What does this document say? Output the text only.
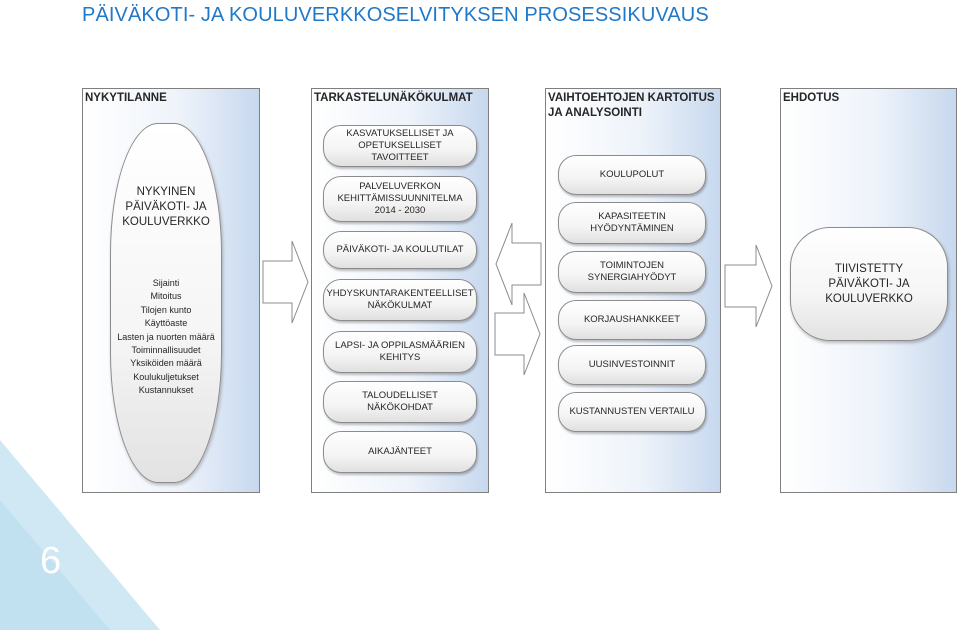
PÄIVÄKOTI- JA KOULUVERKKOSELVITYKSEN PROSESSIKUVAUS
6
NYKYTILANNE
NYKYINEN
PÄIVÄKOTI- JA
KOULUVERKKO
Sijainti
Mitoitus
Tilojen kunto
Käyttöaste
Lasten ja nuorten määrä
Toiminnallisuudet
Yksiköiden määrä
Koulukuljetukset
Kustannukset
TARKASTELUNÄKÖKULMAT
KASVATUKSELLISET JA
OPETUKSELLISET TAVOITTEET
PALVELUVERKON
KEHITTÄMISSUUNNITELMA
2014 - 2030
PÄIVÄKOTI- JA KOULUTILAT
YHDYSKUNTARAKENTEELLISET
NÄKÖKULMAT
LAPSI- JA OPPILASMÄÄRIEN
KEHITYS
TALOUDELLISET NÄKÖKOHDAT
AIKAJÄNTEET
VAIHTOEHTOJEN KARTOITUS
JA ANALYSOINTI
KOULUPOLUT
KAPASITEETIN
HYÖDYNTÄMINEN
TOIMINTOJEN
SYNERGIAHYÖDYT
KORJAUSHANKKEET
UUSINVESTOINNIT
KUSTANNUSTEN VERTAILU
EHDOTUS
TIIVISTETTY
PÄIVÄKOTI- JA
KOULUVERKKO
